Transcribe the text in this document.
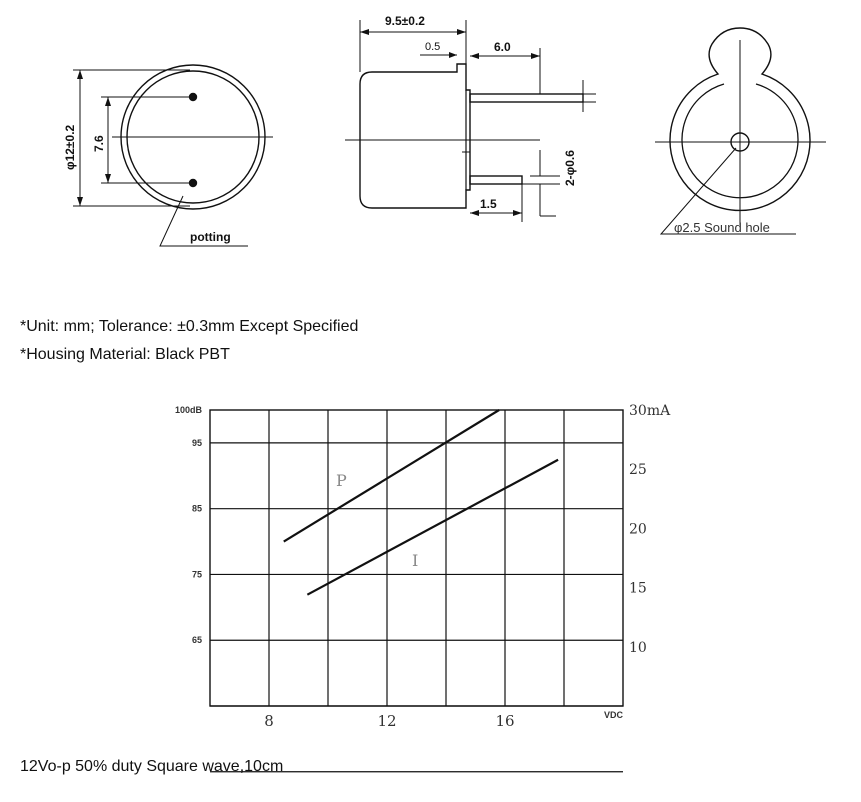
φ12±0.2 7.6
potting
9.5±0.2
0.5	6.0
1.5
2-φ0.6
φ2.5 Sound hole
100dB
95
85
75
65
30mA
25
20
15
10
8	12	16
P
I
VDC
*Unit: mm; Tolerance: ±0.3mm Except Specified
*Housing Material: Black PBT
12Vo-p 50% duty Square wave,10cm
